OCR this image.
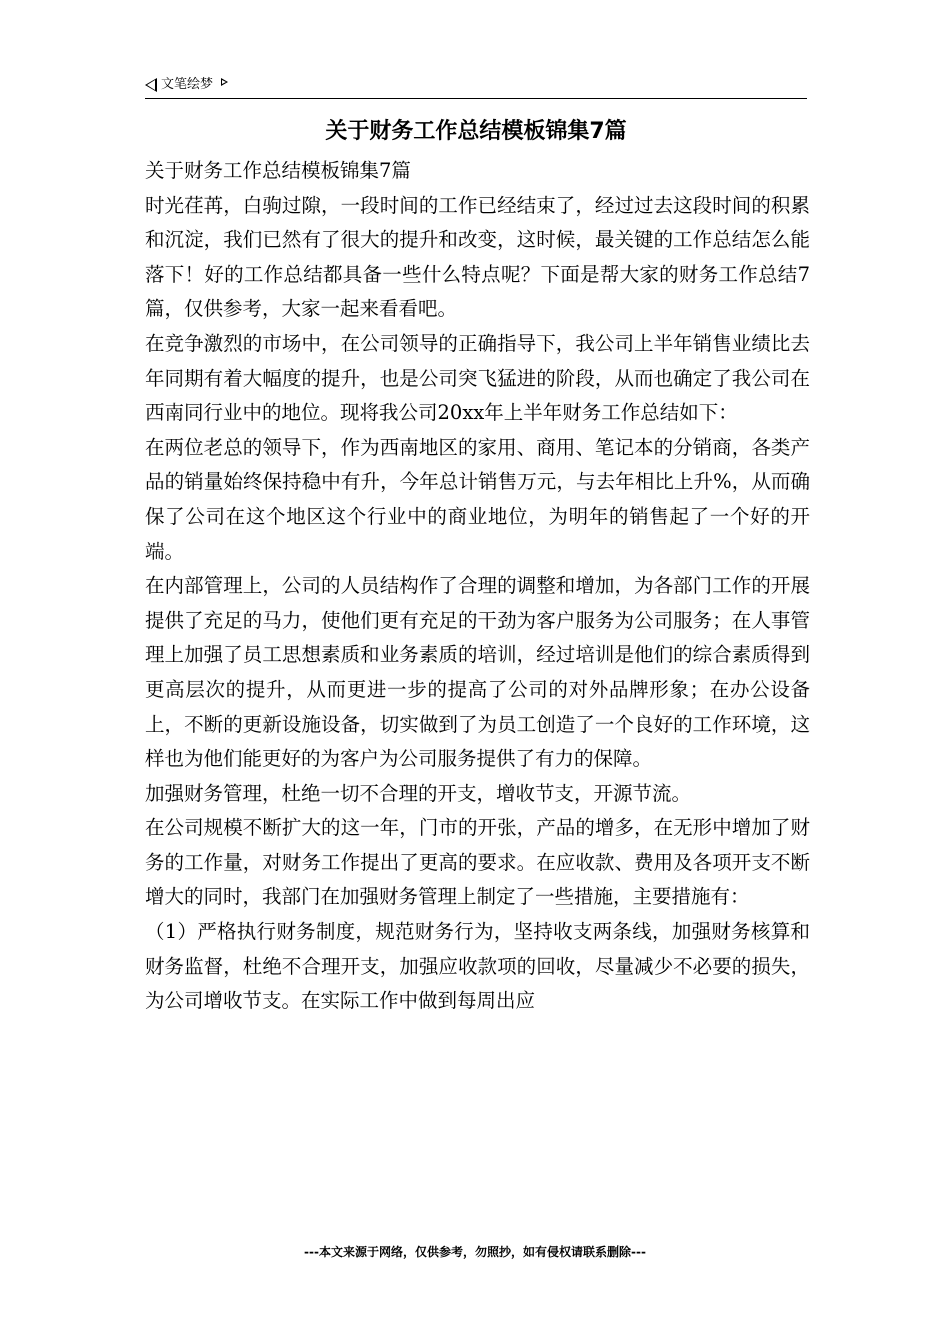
文笔绘梦
关于财务工作总结模板锦集7篇

关于财务工作总结模板锦集7篇

时光荏苒，白驹过隙，一段时间的工作已经结束了，经过过去这段时间的积累和沉淀，我们已然有了很大的提升和改变，这时候，最关键的工作总结怎么能落下！好的工作总结都具备一些什么特点呢？下面是帮大家的财务工作总结7篇，仅供参考，大家一起来看看吧。

在竞争激烈的市场中，在公司领导的正确指导下，我公司上半年销售业绩比去年同期有着大幅度的提升，也是公司突飞猛进的阶段，从而也确定了我公司在西南同行业中的地位。现将我公司20xx年上半年财务工作总结如下：

在两位老总的领导下，作为西南地区的家用、商用、笔记本的分销商，各类产品的销量始终保持稳中有升，今年总计销售万元，与去年相比上升%，从而确保了公司在这个地区这个行业中的商业地位，为明年的销售起了一个好的开端。

在内部管理上，公司的人员结构作了合理的调整和增加，为各部门工作的开展提供了充足的马力，使他们更有充足的干劲为客户服务为公司服务；在人事管理上加强了员工思想素质和业务素质的培训，经过培训是他们的综合素质得到更高层次的提升，从而更进一步的提高了公司的对外品牌形象；在办公设备上，不断的更新设施设备，切实做到了为员工创造了一个良好的工作环境，这样也为他们能更好的为客户为公司服务提供了有力的保障。

加强财务管理，杜绝一切不合理的开支，增收节支，开源节流。

在公司规模不断扩大的这一年，门市的开张，产品的增多，在无形中增加了财务的工作量，对财务工作提出了更高的要求。在应收款、费用及各项开支不断增大的同时，我部门在加强财务管理上制定了一些措施，主要措施有：

（1）严格执行财务制度，规范财务行为，坚持收支两条线，加强财务核算和财务监督，杜绝不合理开支，加强应收款项的回收，尽量减少不必要的损失，为公司增收节支。在实际工作中做到每周出应

---本文来源于网络，仅供参考，勿照抄，如有侵权请联系删除---
